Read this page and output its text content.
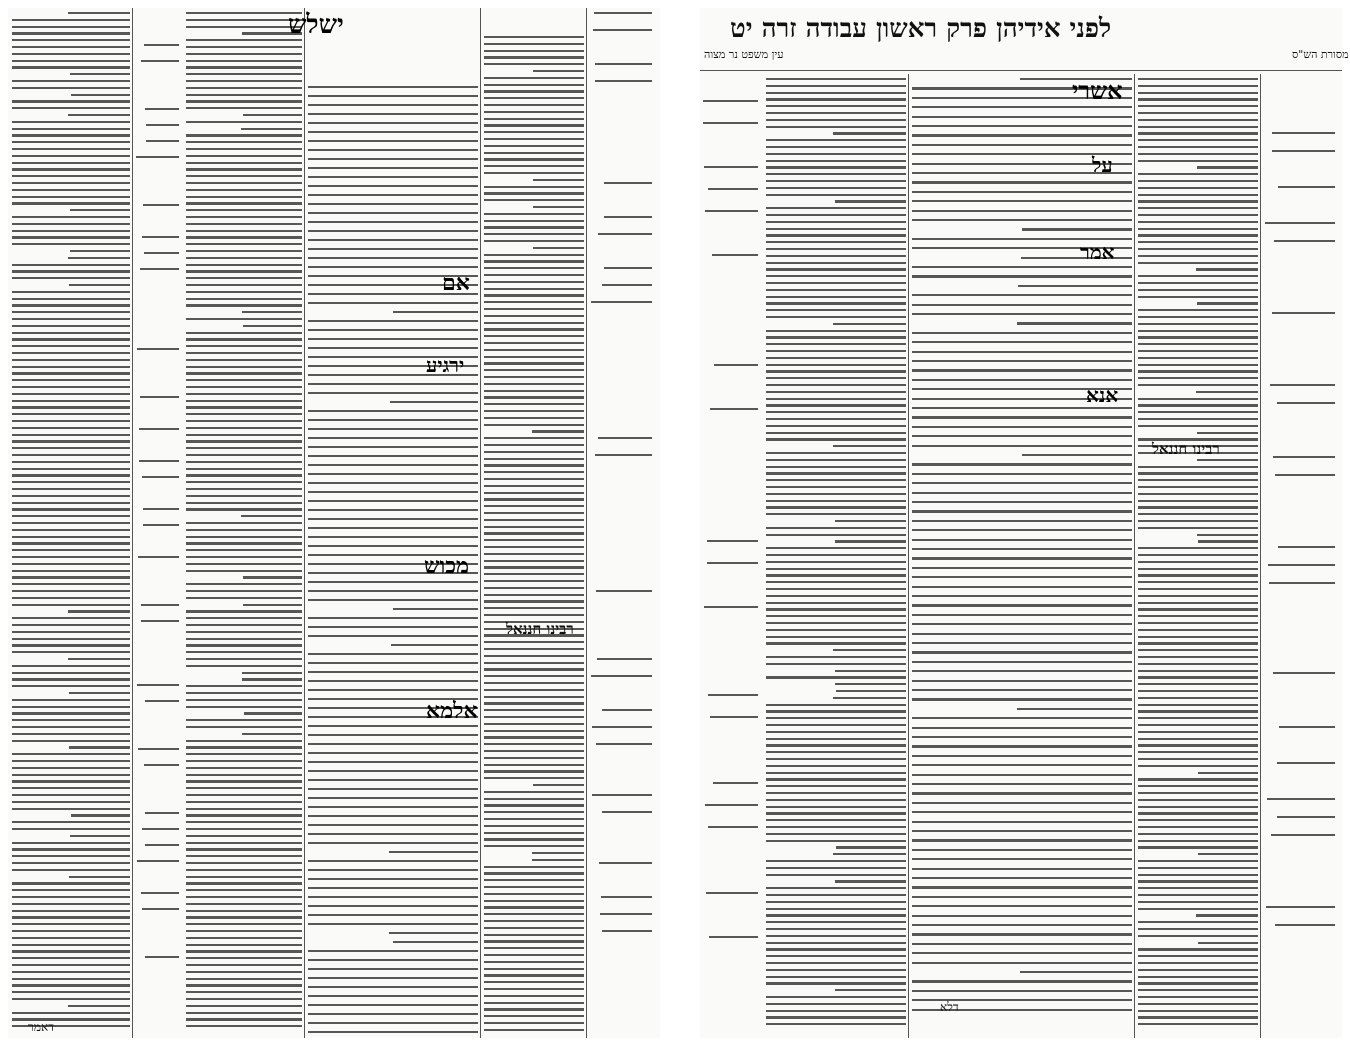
ישלש
אם
ירגיע
מכוש
אלמא
רבינו חננאל
דאמר
לפני אידיהן פרק ראשון עבודה זרה יט
עין משפט נר מצוה	מסורת הש"ס
אשרי
על
אמר
אנא
רבינו חננאל
דלא
